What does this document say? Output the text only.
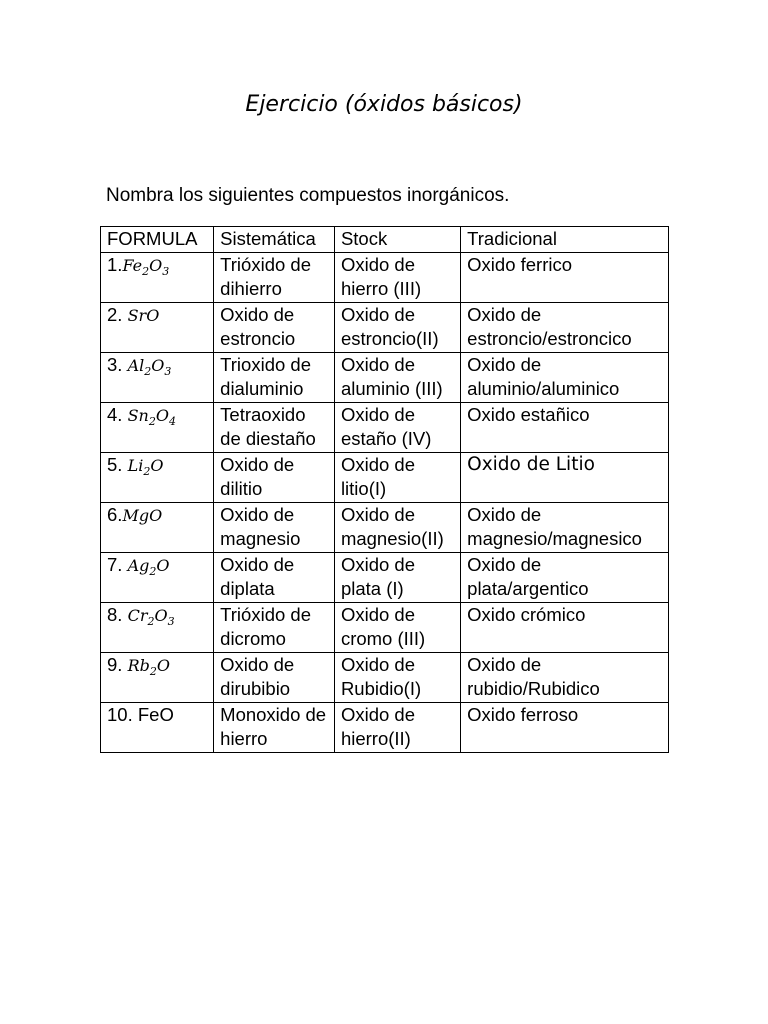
Ejercicio (óxidos básicos)
Nombra los siguientes compuestos inorgánicos.
FORMULA	Sistemática	Stock	Tradicional
$1.Fe_2O_3$	Trióxido de dihierro	Oxido de hierro (III)	Oxido ferrico
2. SrO	Oxido de estroncio	Oxido de estroncio(II)	Oxido de estroncio/estroncico
3. $Al_2O_3$	Trioxido de dialuminio	Oxido de aluminio (III)	Oxido de aluminio/aluminico
4. $Sn_2O_4$	Tetraoxido de diestaño	Oxido de estaño (IV)	Oxido estañico
5. $Li_2O$	Oxido de dilitio	Oxido de litio(I)	Oxido de Litio
6.MgO	Oxido de magnesio	Oxido de magnesio(II)	Oxido de magnesio/magnesico
7. $Ag_2O$	Oxido de diplata	Oxido de plata (I)	Oxido de plata/argentico
8. $Cr_2O_3$	Trióxido de dicromo	Oxido de cromo (III)	Oxido crómico
9. $Rb_2O$	Oxido de dirubibio	Oxido de Rubidio(I)	Oxido de rubidio/Rubidico
10. FeO	Monoxido de hierro	Oxido de hierro(II)	Oxido ferroso
